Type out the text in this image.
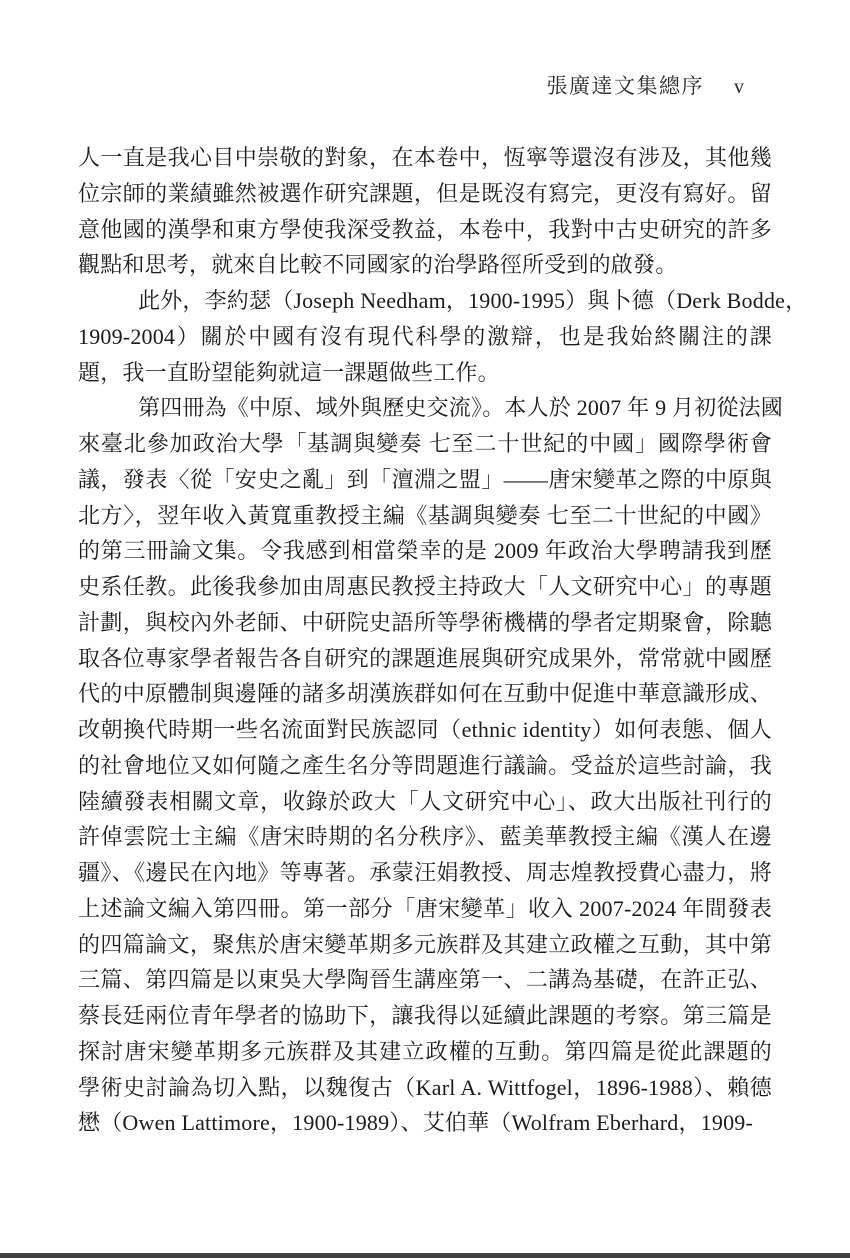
張廣達文集總序 v
人一直是我心目中崇敬的對象，在本卷中，恆寧等還沒有涉及，其他幾
位宗師的業績雖然被選作研究課題，但是既沒有寫完，更沒有寫好。留
意他國的漢學和東方學使我深受教益，本卷中，我對中古史研究的許多
觀點和思考，就來自比較不同國家的治學路徑所受到的啟發。
此外，李約瑟（Joseph Needham，1900-1995）與卜德（Derk Bodde，
1909-2004）關於中國有沒有現代科學的激辯，也是我始終關注的課
題，我一直盼望能夠就這一課題做些工作。
第四冊為《中原、域外與歷史交流》。本人於 2007 年 9 月初從法國
來臺北參加政治大學「基調與變奏 七至二十世紀的中國」國際學術會
議，發表〈從「安史之亂」到「澶淵之盟」——唐宋變革之際的中原與
北方〉，翌年收入黃寬重教授主編《基調與變奏 七至二十世紀的中國》
的第三冊論文集。令我感到相當榮幸的是 2009 年政治大學聘請我到歷
史系任教。此後我參加由周惠民教授主持政大「人文研究中心」的專題
計劃，與校內外老師、中研院史語所等學術機構的學者定期聚會，除聽
取各位專家學者報告各自研究的課題進展與研究成果外，常常就中國歷
代的中原體制與邊陲的諸多胡漢族群如何在互動中促進中華意識形成、
改朝換代時期一些名流面對民族認同（ethnic identity）如何表態、個人
的社會地位又如何隨之產生名分等問題進行議論。受益於這些討論，我
陸續發表相關文章，收錄於政大「人文研究中心」、政大出版社刊行的
許倬雲院士主編《唐宋時期的名分秩序》、藍美華教授主編《漢人在邊
疆》、《邊民在內地》等專著。承蒙汪娟教授、周志煌教授費心盡力，將
上述論文編入第四冊。第一部分「唐宋變革」收入 2007-2024 年間發表
的四篇論文，聚焦於唐宋變革期多元族群及其建立政權之互動，其中第
三篇、第四篇是以東吳大學陶晉生講座第一、二講為基礎，在許正弘、
蔡長廷兩位青年學者的協助下，讓我得以延續此課題的考察。第三篇是
探討唐宋變革期多元族群及其建立政權的互動。第四篇是從此課題的
學術史討論為切入點，以魏復古（Karl A. Wittfogel，1896-1988）、賴德
懋（Owen Lattimore，1900-1989）、艾伯華（Wolfram Eberhard，1909-
